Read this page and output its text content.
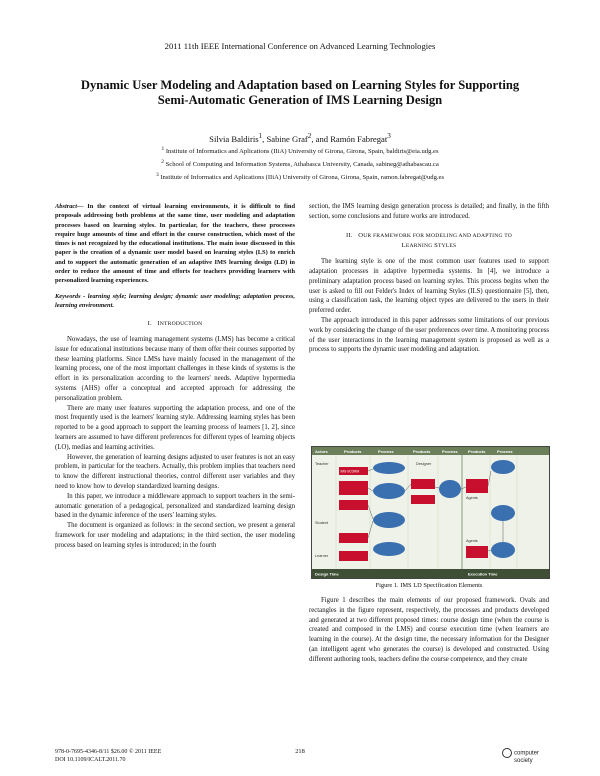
2011 11th IEEE International Conference on Advanced Learning Technologies
Dynamic User Modeling and Adaptation based on Learning Styles for Supporting
Semi-Automatic Generation of IMS Learning Design
Silvia Baldiris$^1$, Sabine Graf$^2$, and Ramón Fabregat$^3$
$^1$ Institute of Informatics and Aplications (IIiA) University of Girona, Girona, Spain, baldiris@eia.udg.es
$^2$ School of Computing and Information Systems, Athabasca University, Canada, sabineg@athabascau.ca
$^3$ Institute of Informatics and Aplications (IIiA) University of Girona, Girona, Spain, ramon.fabregat@udg.es

Abstract— In the context of virtual learning environments, it is difficult to find proposals addressing both problems at the same time, user modeling and adaptation processes based on learning styles. In particular, for the teachers, these processes require huge amounts of time and effort in the course construction, which most of the times is not recognized by the educational institutions. The main issue discussed in this paper is the creation of a dynamic user model based on learning styles (LS) to enrich and to support the automatic generation of an adaptive IMS learning design (LD) in order to reduce the amount of time and efforts for teachers providing learners with personalized learning experiences.

Keywords - learning style; learning design; dynamic user modeling; adaptation process, learning environment.

I. INTRODUCTION

Nowadays, the use of learning management systems (LMS) has become a critical issue for educational institutions because many of them offer their courses supported by these learning platforms. Since LMSs have mainly focused in the management of the learning process, one of the most important challenges in these kinds of systems is the effort in its personalization according to the learners' needs. Adaptive hypermedia systems (AHS) offer a conceptual and accepted approach for addressing the personalization problem.

There are many user features supporting the adaptation process, and one of the most frequently used is the learners' learning style. Addressing learning styles has been reported to be a good approach to support the learning process of learners [1, 2], since learners are assumed to have different preferences for different types of learning objects (LO), medias and learning activities.

However, the generation of learning designs adjusted to user features is not an easy problem, in particular for the teachers. Actually, this problem implies that teachers need to know the different instructional theories, control different user variables and they need to know how to develop standardized learning designs.

In this paper, we introduce a middleware approach to support teachers in the semi-automatic generation of a pedagogical, personalized and standardized learning design based in the dynamic inference of the users' learning styles.

The document is organized as follows: in the second section, we present a general framework for user modeling and adaptations; in the third section, the user modeling process based on learning styles is introduced; in the fourth

section, the IMS learning design generation process is detailed; and finally, in the fifth section, some conclusions and future works are introduced.

II. OUR FRAMEWORK FOR MODELING AND ADAPTING TO
LEARNING STYLES

The learning style is one of the most common user features used to support adaptation processes in adaptive hypermedia systems. In [4], we introduce a preliminary adaptation process based on learning styles. This process begins when the user is asked to fill out Felder's Index of learning Styles (ILS) questionnaire [5], then, using a classification task, the learning object types are delivered to the users in their preferred order.

The approach introduced in this paper addresses some limitations of our previous work by considering the change of the user preferences over time. A monitoring process of the user interactions in the learning management system is proposed as well as a process to supports the dynamic user modeling and adaptation.

Actors	Products	Process	Products	Process	Products	Process
Teacher
Student
Learner
Designer
Agents
Agents
IMS-SCORM
Design Time	Execution Time
Figure 1. IMS LD Specification Elements

Figure 1 describes the main elements of our proposed framework. Ovals and rectangles in the figure represent, respectively, the processes and products developed and generated at two different proposed times: course design time (when the course is created and composed in the LMS) and course execution time (when learners are learning in the course). At the design time, the necessary information for the Designer (an intelligent agent who generates the course) is developed and constructed. Using different authoring tools, teachers define the course competence, and they create

978-0-7695-4346-8/11 $26.00 © 2011 IEEE
DOI 10.1109/ICALT.2011.70
218	computer
society
